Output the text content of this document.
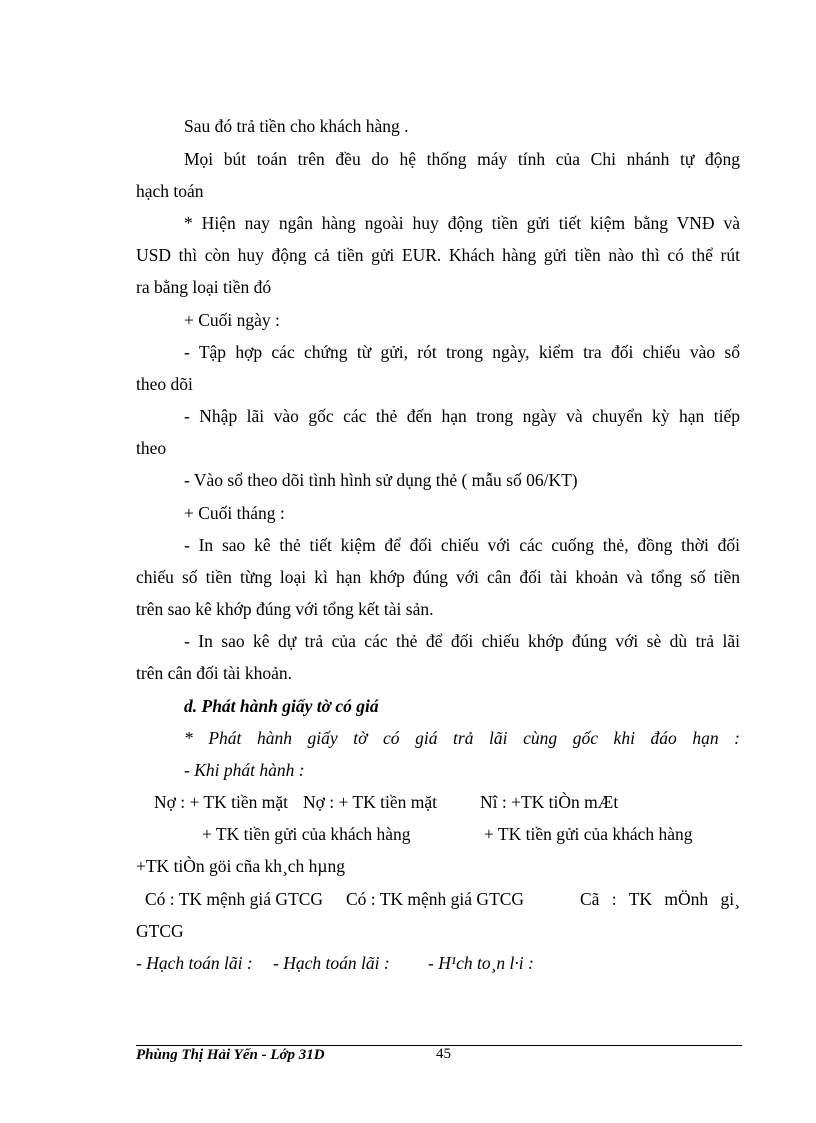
Sau đó trả tiền cho khách hàng .
Mọi bút toán trên đều do hệ thống máy tính của Chi nhánh tự động
hạch toán
* Hiện nay ngân hàng ngoài huy động tiền gửi tiết kiệm bằng VNĐ và
USD thì còn huy động cả tiền gửi EUR. Khách hàng gửi tiền nào thì có thể rút
ra bằng loại tiền đó
+ Cuối ngày :
- Tập hợp các chứng từ gửi, rót trong ngày, kiểm tra đối chiếu vào sổ
theo dõi
- Nhập lãi vào gốc các thẻ đến hạn trong ngày và chuyển kỳ hạn tiếp
theo
- Vào sổ theo dõi tình hình sử dụng thẻ ( mẫu số 06/KT)
+ Cuối tháng :
- In sao kê thẻ tiết kiệm để đối chiếu với các cuống thẻ, đồng thời đối
chiếu số tiền từng loại kì hạn khớp đúng với cân đối tài khoản và tổng số tiền
trên sao kê khớp đúng với tổng kết tài sản.
- In sao kê dự trả của các thẻ để đối chiếu khớp đúng với sè dù trả lãi
trên cân đối tài khoản.
d. Phát hành giấy tờ có giá
* Phát hành giấy tờ có giá trả lãi cùng gốc khi đáo hạn :
- Khi phát hành :
Nợ : + TK tiền mặt Nợ : + TK tiền mặt Nî : +TK tiÒn mÆt
+ TK tiền gửi của khách hàng	+ TK tiền gửi của khách hàng
+TK tiÒn göi cña kh¸ch hµng
Có : TK mệnh giá GTCG Có : TK mệnh giá GTCG	Cã : TK mÖnh gi¸
GTCG
- Hạch toán lãi : - Hạch toán lãi : - H¹ch to¸n l·i :
Phùng Thị Hải Yến - Lớp 31D	45
